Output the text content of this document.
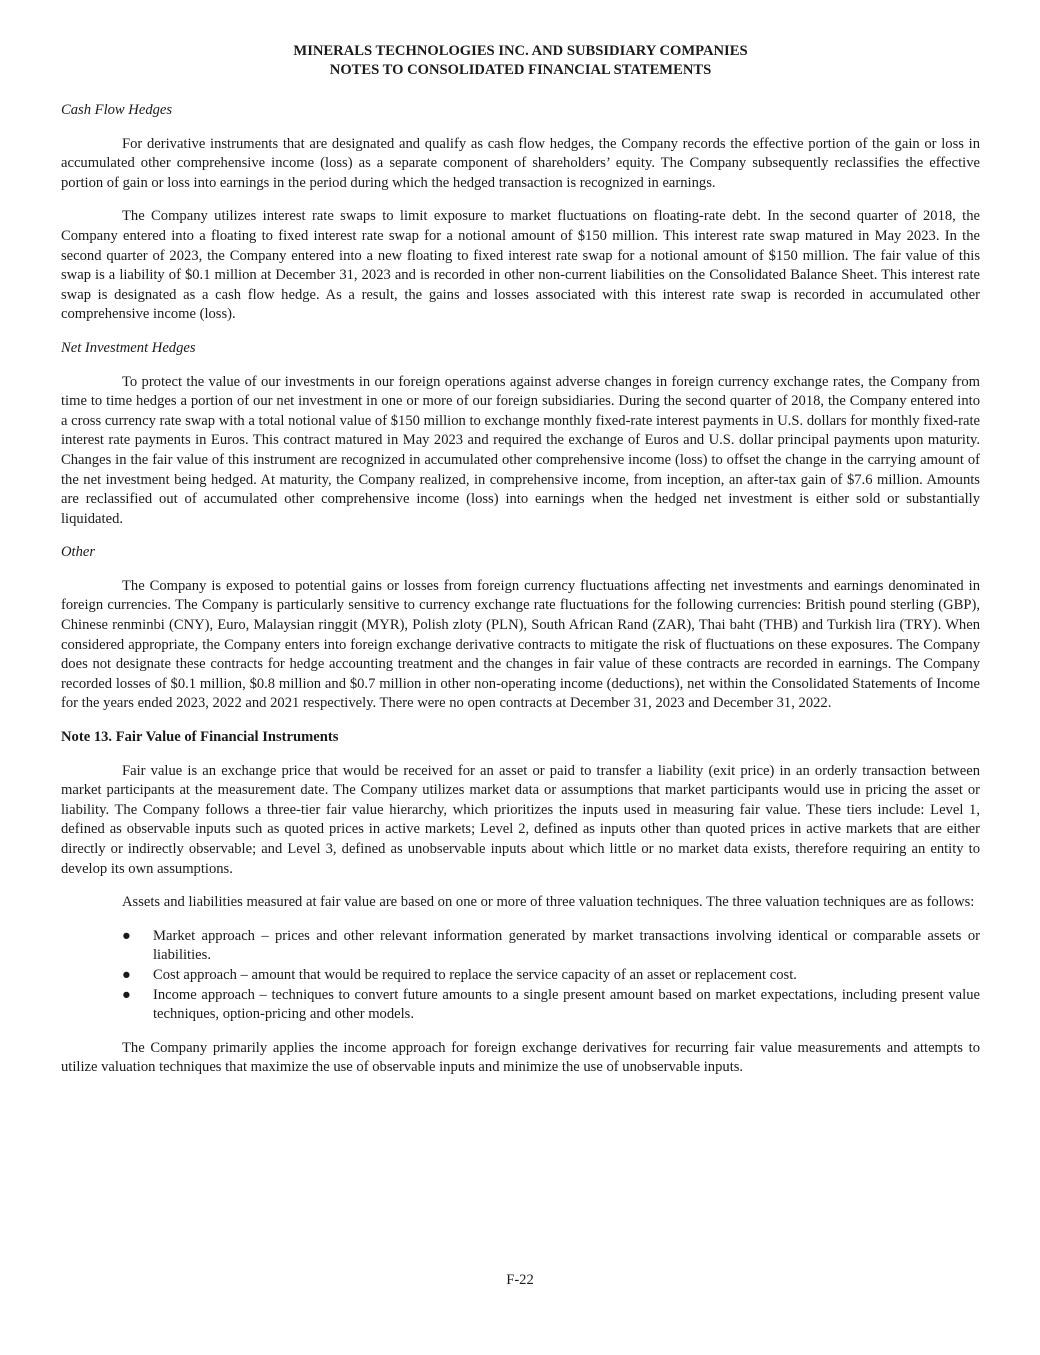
MINERALS TECHNOLOGIES INC. AND SUBSIDIARY COMPANIES
NOTES TO CONSOLIDATED FINANCIAL STATEMENTS
Cash Flow Hedges

For derivative instruments that are designated and qualify as cash flow hedges, the Company records the effective portion of the gain or loss in accumulated other comprehensive income (loss) as a separate component of shareholders’ equity. The Company subsequently reclassifies the effective portion of gain or loss into earnings in the period during which the hedged transaction is recognized in earnings.

The Company utilizes interest rate swaps to limit exposure to market fluctuations on floating-rate debt. In the second quarter of 2018, the Company entered into a floating to fixed interest rate swap for a notional amount of $150 million. This interest rate swap matured in May 2023. In the second quarter of 2023, the Company entered into a new floating to fixed interest rate swap for a notional amount of $150 million. The fair value of this swap is a liability of $0.1 million at December 31, 2023 and is recorded in other non-current liabilities on the Consolidated Balance Sheet. This interest rate swap is designated as a cash flow hedge. As a result, the gains and losses associated with this interest rate swap is recorded in accumulated other comprehensive income (loss).

Net Investment Hedges

To protect the value of our investments in our foreign operations against adverse changes in foreign currency exchange rates, the Company from time to time hedges a portion of our net investment in one or more of our foreign subsidiaries. During the second quarter of 2018, the Company entered into a cross currency rate swap with a total notional value of $150 million to exchange monthly fixed-rate interest payments in U.S. dollars for monthly fixed-rate interest rate payments in Euros. This contract matured in May 2023 and required the exchange of Euros and U.S. dollar principal payments upon maturity. Changes in the fair value of this instrument are recognized in accumulated other comprehensive income (loss) to offset the change in the carrying amount of the net investment being hedged. At maturity, the Company realized, in comprehensive income, from inception, an after-tax gain of $7.6 million. Amounts are reclassified out of accumulated other comprehensive income (loss) into earnings when the hedged net investment is either sold or substantially liquidated.

Other

The Company is exposed to potential gains or losses from foreign currency fluctuations affecting net investments and earnings denominated in foreign currencies. The Company is particularly sensitive to currency exchange rate fluctuations for the following currencies: British pound sterling (GBP), Chinese renminbi (CNY), Euro, Malaysian ringgit (MYR), Polish zloty (PLN), South African Rand (ZAR), Thai baht (THB) and Turkish lira (TRY). When considered appropriate, the Company enters into foreign exchange derivative contracts to mitigate the risk of fluctuations on these exposures. The Company does not designate these contracts for hedge accounting treatment and the changes in fair value of these contracts are recorded in earnings. The Company recorded losses of $0.1 million, $0.8 million and $0.7 million in other non-operating income (deductions), net within the Consolidated Statements of Income for the years ended 2023, 2022 and 2021 respectively. There were no open contracts at December 31, 2023 and December 31, 2022.

Note 13. Fair Value of Financial Instruments

Fair value is an exchange price that would be received for an asset or paid to transfer a liability (exit price) in an orderly transaction between market participants at the measurement date. The Company utilizes market data or assumptions that market participants would use in pricing the asset or liability. The Company follows a three-tier fair value hierarchy, which prioritizes the inputs used in measuring fair value. These tiers include: Level 1, defined as observable inputs such as quoted prices in active markets; Level 2, defined as inputs other than quoted prices in active markets that are either directly or indirectly observable; and Level 3, defined as unobservable inputs about which little or no market data exists, therefore requiring an entity to develop its own assumptions.

Assets and liabilities measured at fair value are based on one or more of three valuation techniques. The three valuation techniques are as follows:

● Market approach – prices and other relevant information generated by market transactions involving identical or comparable assets or liabilities.
● Cost approach – amount that would be required to replace the service capacity of an asset or replacement cost.
● Income approach – techniques to convert future amounts to a single present amount based on market expectations, including present value techniques, option-pricing and other models.

The Company primarily applies the income approach for foreign exchange derivatives for recurring fair value measurements and attempts to utilize valuation techniques that maximize the use of observable inputs and minimize the use of unobservable inputs.

F-22
